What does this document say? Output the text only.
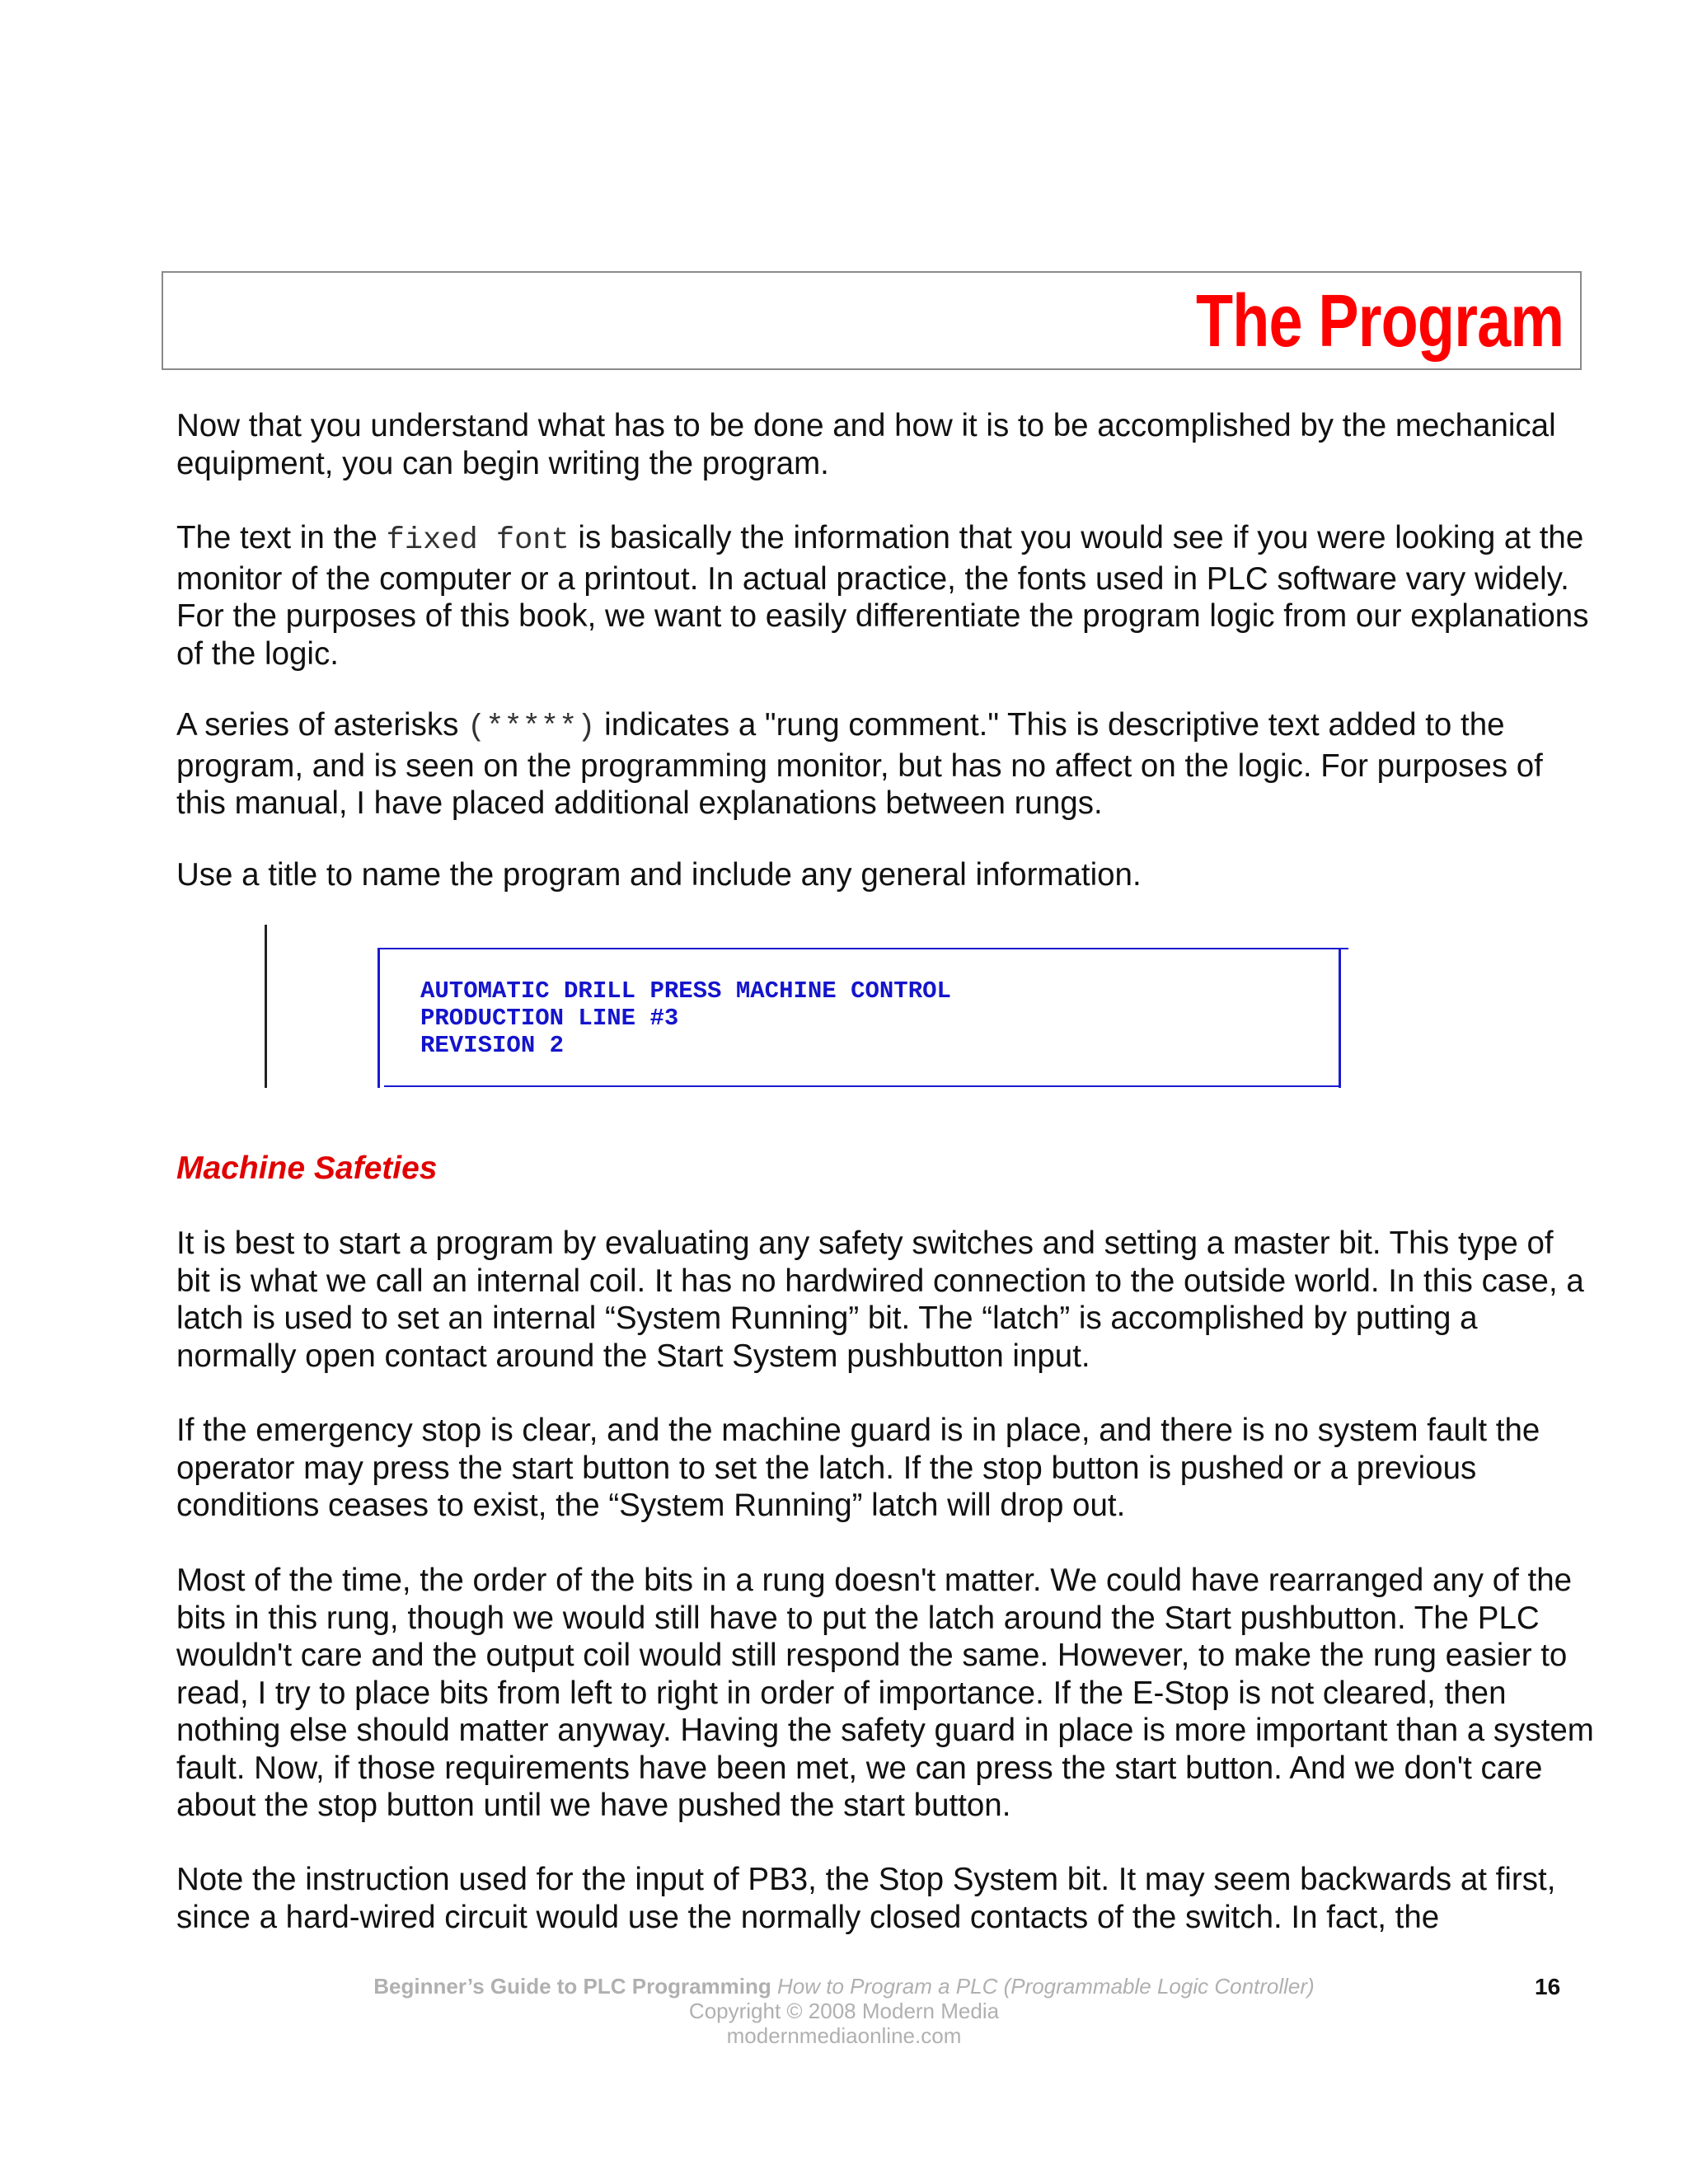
The Program

Now that you understand what has to be done and how it is to be accomplished by the mechanical equipment, you can begin writing the program.

The text in the fixed font is basically the information that you would see if you were looking at the monitor of the computer or a printout. In actual practice, the fonts used in PLC software vary widely. For the purposes of this book, we want to easily differentiate the program logic from our explanations of the logic.

A series of asterisks (*****) indicates a "rung comment." This is descriptive text added to the program, and is seen on the programming monitor, but has no affect on the logic. For purposes of this manual, I have placed additional explanations between rungs.

Use a title to name the program and include any general information.

AUTOMATIC DRILL PRESS MACHINE CONTROL
PRODUCTION LINE #3
REVISION 2
Machine Safeties

It is best to start a program by evaluating any safety switches and setting a master bit. This type of bit is what we call an internal coil. It has no hardwired connection to the outside world. In this case, a latch is used to set an internal “System Running” bit. The “latch” is accomplished by putting a normally open contact around the Start System pushbutton input.

If the emergency stop is clear, and the machine guard is in place, and there is no system fault the operator may press the start button to set the latch. If the stop button is pushed or a previous conditions ceases to exist, the “System Running” latch will drop out.

Most of the time, the order of the bits in a rung doesn't matter. We could have rearranged any of the bits in this rung, though we would still have to put the latch around the Start pushbutton. The PLC wouldn't care and the output coil would still respond the same. However, to make the rung easier to read, I try to place bits from left to right in order of importance. If the E-Stop is not cleared, then nothing else should matter anyway. Having the safety guard in place is more important than a system fault. Now, if those requirements have been met, we can press the start button. And we don't care about the stop button until we have pushed the start button.

Note the instruction used for the input of PB3, the Stop System bit. It may seem backwards at first, since a hard-wired circuit would use the normally closed contacts of the switch. In fact, the

Beginner’s Guide to PLC Programming How to Program a PLC (Programmable Logic Controller)
Copyright © 2008 Modern Media
modernmediaonline.com
16
